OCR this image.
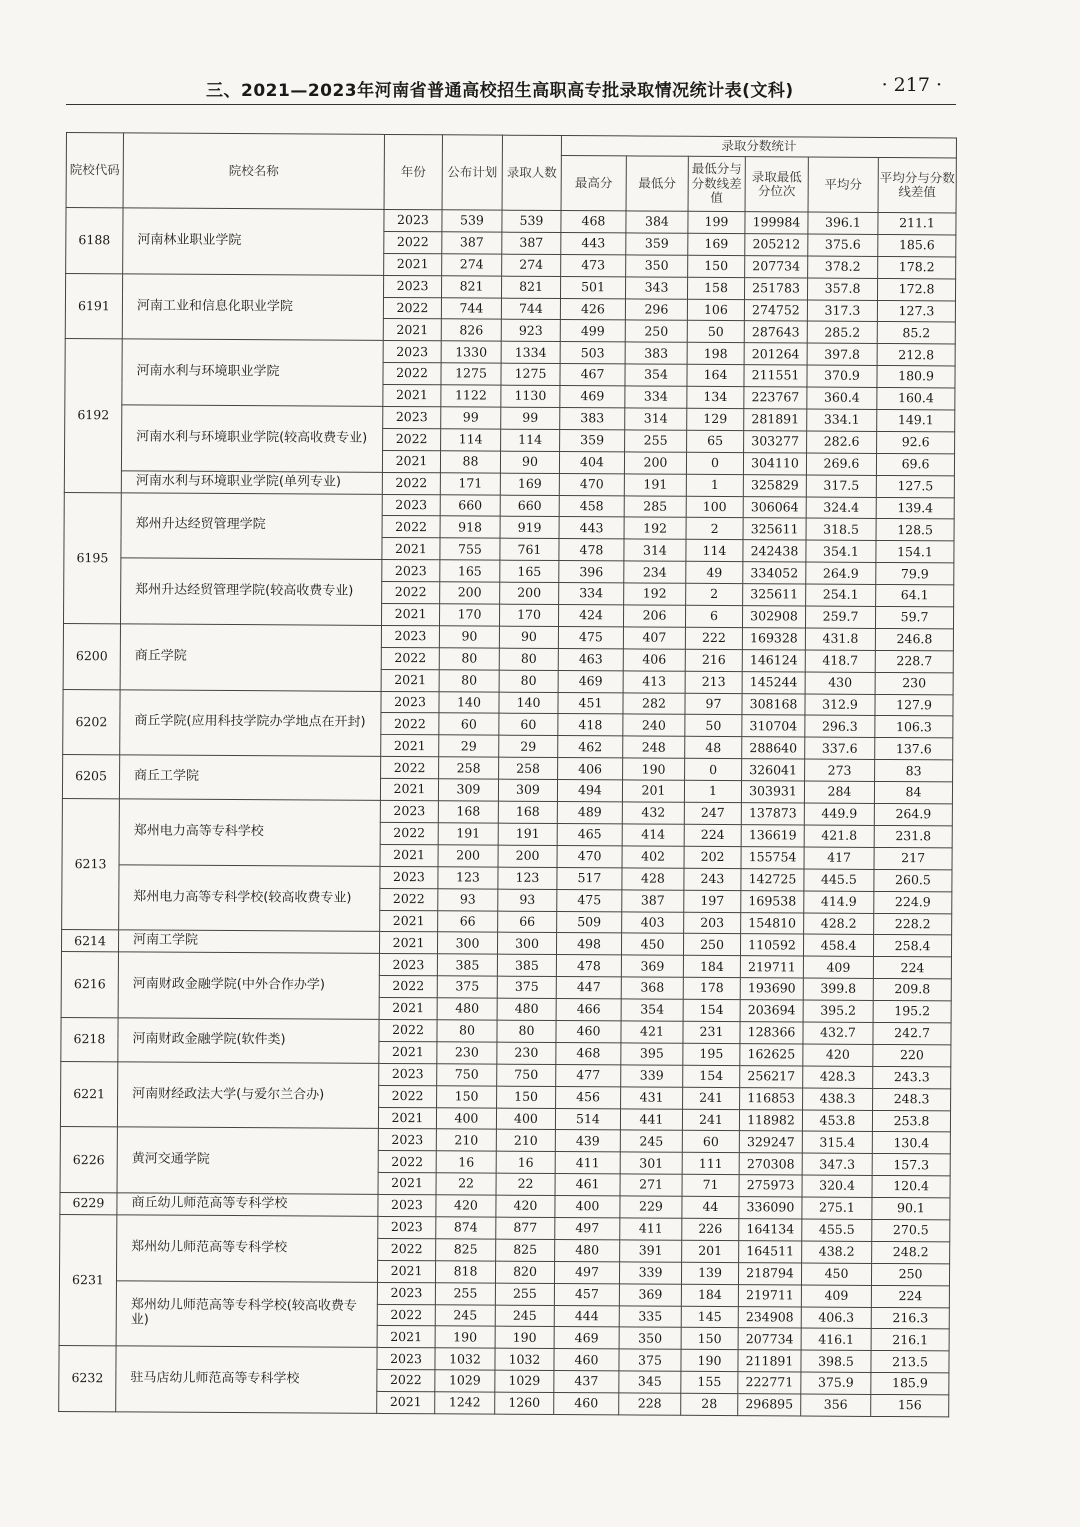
三、2021—2023年河南省普通高校招生高职高专批录取情况统计表(文科)	· 217 ·
院校代码	院校名称	年份	公布计划	录取人数	录取分数统计					
					最高分	最低分	最低分与分数线差值	录取最低分位次	平均分	平均分与分数线差值
6188	河南林业职业学院	2023	539	539	468	384	199	199984	396.1	211.1
		2022	387	387	443	359	169	205212	375.6	185.6
		2021	274	274	473	350	150	207734	378.2	178.2
6191	河南工业和信息化职业学院	2023	821	821	501	343	158	251783	357.8	172.8
		2022	744	744	426	296	106	274752	317.3	127.3
		2021	826	923	499	250	50	287643	285.2	85.2
6192	河南水利与环境职业学院	2023	1330	1334	503	383	198	201264	397.8	212.8
		2022	1275	1275	467	354	164	211551	370.9	180.9
		2021	1122	1130	469	334	134	223767	360.4	160.4
	河南水利与环境职业学院(较高收费专业)	2023	99	99	383	314	129	281891	334.1	149.1
		2022	114	114	359	255	65	303277	282.6	92.6
		2021	88	90	404	200	0	304110	269.6	69.6
	河南水利与环境职业学院(单列专业)	2022	171	169	470	191	1	325829	317.5	127.5
6195	郑州升达经贸管理学院	2023	660	660	458	285	100	306064	324.4	139.4
		2022	918	919	443	192	2	325611	318.5	128.5
		2021	755	761	478	314	114	242438	354.1	154.1
	郑州升达经贸管理学院(较高收费专业)	2023	165	165	396	234	49	334052	264.9	79.9
		2022	200	200	334	192	2	325611	254.1	64.1
		2021	170	170	424	206	6	302908	259.7	59.7
6200	商丘学院	2023	90	90	475	407	222	169328	431.8	246.8
		2022	80	80	463	406	216	146124	418.7	228.7
		2021	80	80	469	413	213	145244	430	230
6202	商丘学院(应用科技学院办学地点在开封)	2023	140	140	451	282	97	308168	312.9	127.9
		2022	60	60	418	240	50	310704	296.3	106.3
		2021	29	29	462	248	48	288640	337.6	137.6
6205	商丘工学院	2022	258	258	406	190	0	326041	273	83
		2021	309	309	494	201	1	303931	284	84
6213	郑州电力高等专科学校	2023	168	168	489	432	247	137873	449.9	264.9
		2022	191	191	465	414	224	136619	421.8	231.8
		2021	200	200	470	402	202	155754	417	217
	郑州电力高等专科学校(较高收费专业)	2023	123	123	517	428	243	142725	445.5	260.5
		2022	93	93	475	387	197	169538	414.9	224.9
		2021	66	66	509	403	203	154810	428.2	228.2
6214	河南工学院	2021	300	300	498	450	250	110592	458.4	258.4
6216	河南财政金融学院(中外合作办学)	2023	385	385	478	369	184	219711	409	224
		2022	375	375	447	368	178	193690	399.8	209.8
		2021	480	480	466	354	154	203694	395.2	195.2
6218	河南财政金融学院(软件类)	2022	80	80	460	421	231	128366	432.7	242.7
		2021	230	230	468	395	195	162625	420	220
6221	河南财经政法大学(与爱尔兰合办)	2023	750	750	477	339	154	256217	428.3	243.3
		2022	150	150	456	431	241	116853	438.3	248.3
		2021	400	400	514	441	241	118982	453.8	253.8
6226	黄河交通学院	2023	210	210	439	245	60	329247	315.4	130.4
		2022	16	16	411	301	111	270308	347.3	157.3
		2021	22	22	461	271	71	275973	320.4	120.4
6229	商丘幼儿师范高等专科学校	2023	420	420	400	229	44	336090	275.1	90.1
6231	郑州幼儿师范高等专科学校	2023	874	877	497	411	226	164134	455.5	270.5
		2022	825	825	480	391	201	164511	438.2	248.2
		2021	818	820	497	339	139	218794	450	250
	郑州幼儿师范高等专科学校(较高收费专业)	2023	255	255	457	369	184	219711	409	224
		2022	245	245	444	335	145	234908	406.3	216.3
		2021	190	190	469	350	150	207734	416.1	216.1
6232	驻马店幼儿师范高等专科学校	2023	1032	1032	460	375	190	211891	398.5	213.5
		2022	1029	1029	437	345	155	222771	375.9	185.9
		2021	1242	1260	460	228	28	296895	356	156
